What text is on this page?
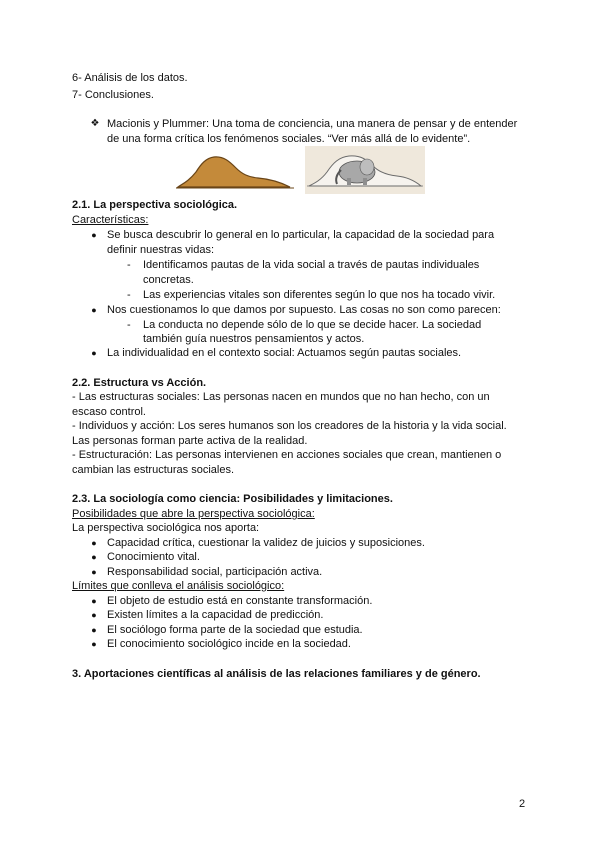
6- Análisis de los datos.
7- Conclusiones.
❖ Macionis y Plummer: Una toma de conciencia, una manera de pensar y de entender
de una forma crítica los fenómenos sociales. “Ver más allá de lo evidente”.
2.1. La perspectiva sociológica.
Características:
● Se busca descubrir lo general en lo particular, la capacidad de la sociedad para
definir nuestras vidas:
- Identificamos pautas de la vida social a través de pautas individuales
concretas.
- Las experiencias vitales son diferentes según lo que nos ha tocado vivir.
● Nos cuestionamos lo que damos por supuesto. Las cosas no son como parecen:
- La conducta no depende sólo de lo que se decide hacer. La sociedad
también guía nuestros pensamientos y actos.
● La individualidad en el contexto social: Actuamos según pautas sociales.
2.2. Estructura vs Acción.
- Las estructuras sociales: Las personas nacen en mundos que no han hecho, con un
escaso control.
- Individuos y acción: Los seres humanos son los creadores de la historia y la vida social.
Las personas forman parte activa de la realidad.
- Estructuración: Las personas intervienen en acciones sociales que crean, mantienen o
cambian las estructuras sociales.
2.3. La sociología como ciencia: Posibilidades y limitaciones.
Posibilidades que abre la perspectiva sociológica:
La perspectiva sociológica nos aporta:
● Capacidad crítica, cuestionar la validez de juicios y suposiciones.
● Conocimiento vital.
● Responsabilidad social, participación activa.
Límites que conlleva el análisis sociológico:
● El objeto de estudio está en constante transformación.
● Existen límites a la capacidad de predicción.
● El sociólogo forma parte de la sociedad que estudia.
● El conocimiento sociológico incide en la sociedad.
3. Aportaciones científicas al análisis de las relaciones familiares y de género.
2
